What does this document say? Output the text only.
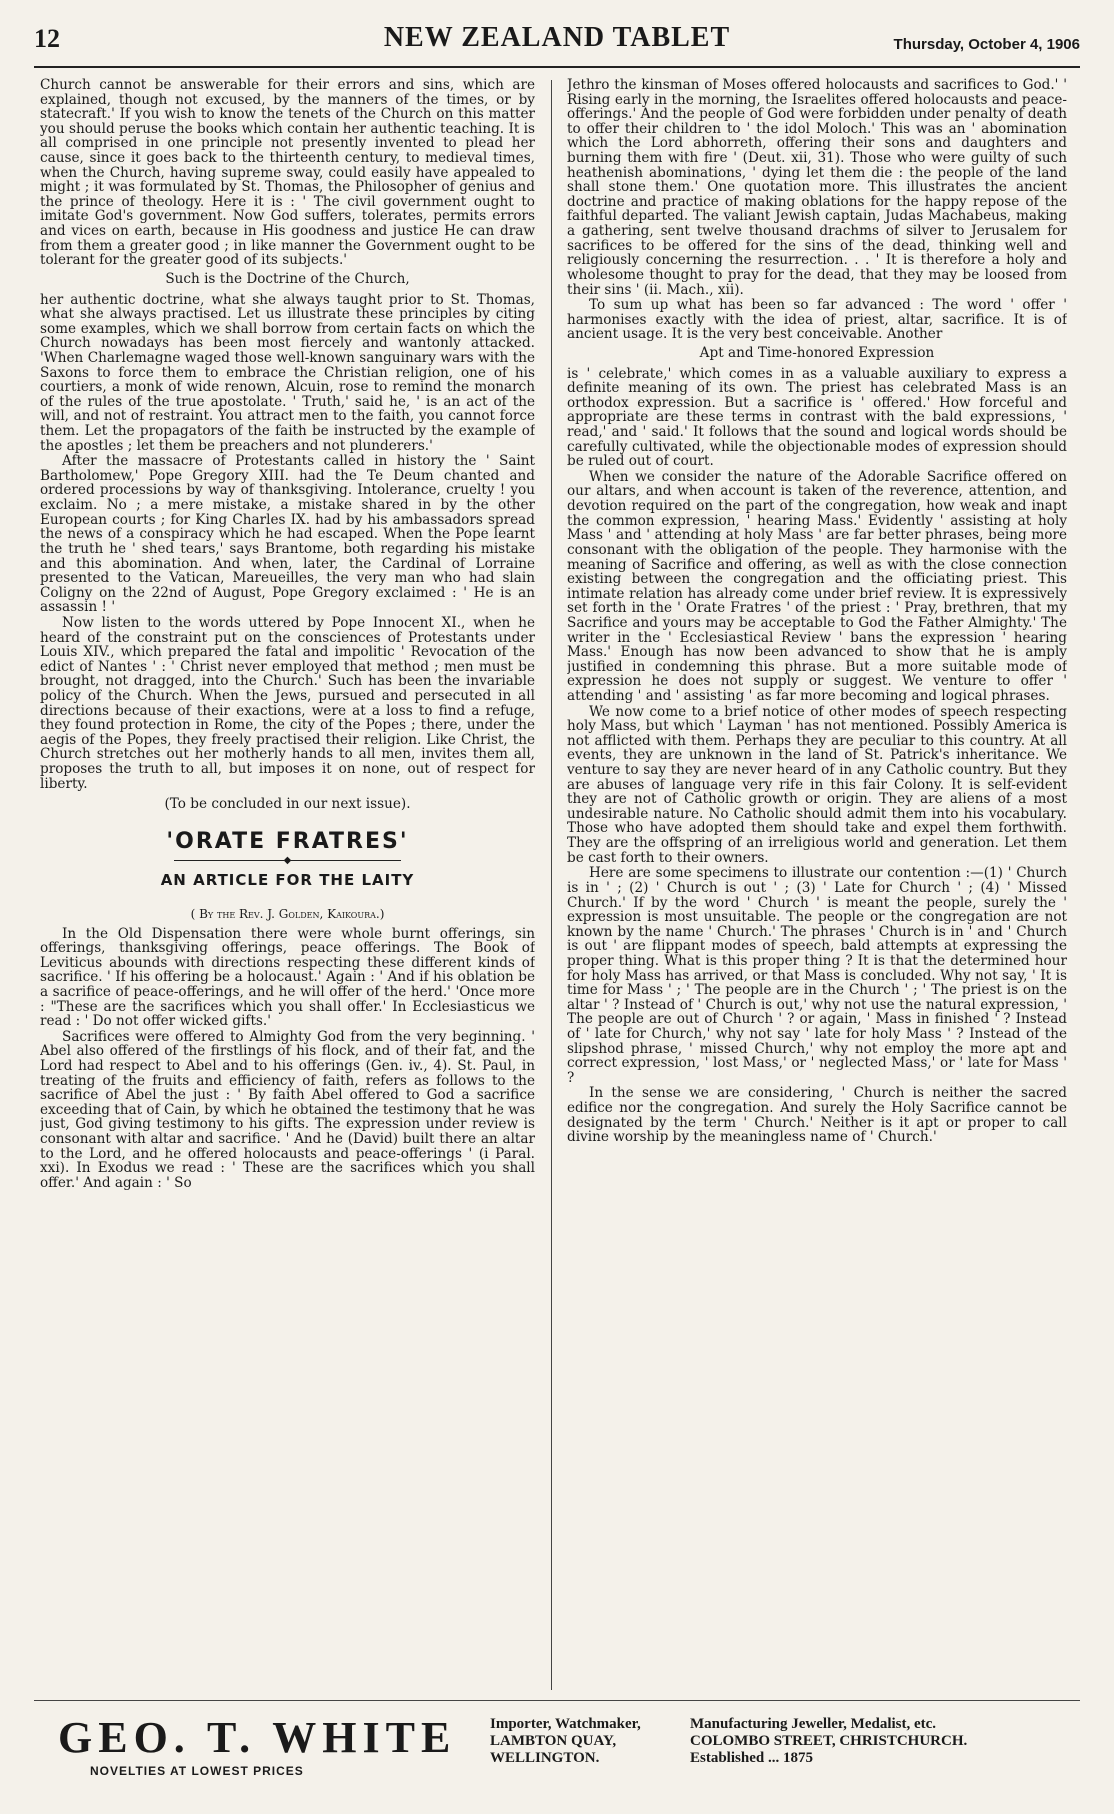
12	NEW ZEALAND TABLET	Thursday, October 4, 1906

Church cannot be answerable for their errors and sins, which are explained, though not excused, by the manners of the times, or by statecraft.' If you wish to know the tenets of the Church on this matter you should peruse the books which contain her authentic teaching. It is all comprised in one principle not presently invented to plead her cause, since it goes back to the thirteenth century, to medieval times, when the Church, having supreme sway, could easily have appealed to might ; it was formulated by St. Thomas, the Philosopher of genius and the prince of theology. Here it is : ' The civil government ought to imitate God's government. Now God suffers, tolerates, permits errors and vices on earth, because in His goodness and justice He can draw from them a greater good ; in like manner the Government ought to be tolerant for the greater good of its subjects.'

Such is the Doctrine of the Church,

her authentic doctrine, what she always taught prior to St. Thomas, what she always practised. Let us illustrate these principles by citing some examples, which we shall borrow from certain facts on which the Church nowadays has been most fiercely and wantonly attacked. 'When Charlemagne waged those well-known sanguinary wars with the Saxons to force them to embrace the Christian religion, one of his courtiers, a monk of wide renown, Alcuin, rose to remind the monarch of the rules of the true apostolate. ' Truth,' said he, ' is an act of the will, and not of restraint. You attract men to the faith, you cannot force them. Let the propagators of the faith be instructed by the example of the apostles ; let them be preachers and not plunderers.'

After the massacre of Protestants called in history the ' Saint Bartholomew,' Pope Gregory XIII. had the Te Deum chanted and ordered processions by way of thanksgiving. Intolerance, cruelty ! you exclaim. No ; a mere mistake, a mistake shared in by the other European courts ; for King Charles IX. had by his ambassadors spread the news of a conspiracy which he had escaped. When the Pope learnt the truth he ' shed tears,' says Brantome, both regarding his mistake and this abomination. And when, later, the Cardinal of Lorraine presented to the Vatican, Mareueilles, the very man who had slain Coligny on the 22nd of August, Pope Gregory exclaimed : ' He is an assassin ! '

Now listen to the words uttered by Pope Innocent XI., when he heard of the constraint put on the consciences of Protestants under Louis XIV., which prepared the fatal and impolitic ' Revocation of the edict of Nantes ' : ' Christ never employed that method ; men must be brought, not dragged, into the Church.' Such has been the invariable policy of the Church. When the Jews, pursued and persecuted in all directions because of their exactions, were at a loss to find a refuge, they found protection in Rome, the city of the Popes ; there, under the aegis of the Popes, they freely practised their religion. Like Christ, the Church stretches out her motherly hands to all men, invites them all, proposes the truth to all, but imposes it on none, out of respect for liberty.

(To be concluded in our next issue).
'ORATE FRATRES'
◆
AN ARTICLE FOR THE LAITY
( By the Rev. J. Golden, Kaikoura.)

In the Old Dispensation there were whole burnt offerings, sin offerings, thanksgiving offerings, peace offerings. The Book of Leviticus abounds with directions respecting these different kinds of sacrifice. ' If his offering be a holocaust.' Again : ' And if his oblation be a sacrifice of peace-offerings, and he will offer of the herd.' 'Once more : "These are the sacrifices which you shall offer.' In Ecclesiasticus we read : ' Do not offer wicked gifts.'

Sacrifices were offered to Almighty God from the very beginning. ' Abel also offered of the firstlings of his flock, and of their fat, and the Lord had respect to Abel and to his offerings (Gen. iv., 4). St. Paul, in treating of the fruits and efficiency of faith, refers as follows to the sacrifice of Abel the just : ' By faith Abel offered to God a sacrifice exceeding that of Cain, by which he obtained the testimony that he was just, God giving testimony to his gifts. The expression under review is consonant with altar and sacrifice. ' And he (David) built there an altar to the Lord, and he offered holocausts and peace-offerings ' (i Paral. xxi). In Exodus we read : ' These are the sacrifices which you shall offer.' And again : ' So

Jethro the kinsman of Moses offered holocausts and sacrifices to God.' ' Rising early in the morning, the Israelites offered holocausts and peace-offerings.' And the people of God were forbidden under penalty of death to offer their children to ' the idol Moloch.' This was an ' abomination which the Lord abhorreth, offering their sons and daughters and burning them with fire ' (Deut. xii, 31). Those who were guilty of such heathenish abominations, ' dying let them die : the people of the land shall stone them.' One quotation more. This illustrates the ancient doctrine and practice of making oblations for the happy repose of the faithful departed. The valiant Jewish captain, Judas Machabeus, making a gathering, sent twelve thousand drachms of silver to Jerusalem for sacrifices to be offered for the sins of the dead, thinking well and religiously concerning the resurrection. . . ' It is therefore a holy and wholesome thought to pray for the dead, that they may be loosed from their sins ' (ii. Mach., xii).

To sum up what has been so far advanced : The word ' offer ' harmonises exactly with the idea of priest, altar, sacrifice. It is of ancient usage. It is the very best conceivable. Another

Apt and Time-honored Expression

is ' celebrate,' which comes in as a valuable auxiliary to express a definite meaning of its own. The priest has celebrated Mass is an orthodox expression. But a sacrifice is ' offered.' How forceful and appropriate are these terms in contrast with the bald expressions, ' read,' and ' said.' It follows that the sound and logical words should be carefully cultivated, while the objectionable modes of expression should be ruled out of court.

When we consider the nature of the Adorable Sacrifice offered on our altars, and when account is taken of the reverence, attention, and devotion required on the part of the congregation, how weak and inapt the common expression, ' hearing Mass.' Evidently ' assisting at holy Mass ' and ' attending at holy Mass ' are far better phrases, being more consonant with the obligation of the people. They harmonise with the meaning of Sacrifice and offering, as well as with the close connection existing between the congregation and the officiating priest. This intimate relation has already come under brief review. It is expressively set forth in the ' Orate Fratres ' of the priest : ' Pray, brethren, that my Sacrifice and yours may be acceptable to God the Father Almighty.' The writer in the ' Ecclesiastical Review ' bans the expression ' hearing Mass.' Enough has now been advanced to show that he is amply justified in condemning this phrase. But a more suitable mode of expression he does not supply or suggest. We venture to offer ' attending ' and ' assisting ' as far more becoming and logical phrases.

We now come to a brief notice of other modes of speech respecting holy Mass, but which ' Layman ' has not mentioned. Possibly America is not afflicted with them. Perhaps they are peculiar to this country. At all events, they are unknown in the land of St. Patrick's inheritance. We venture to say they are never heard of in any Catholic country. But they are abuses of language very rife in this fair Colony. It is self-evident they are not of Catholic growth or origin. They are aliens of a most undesirable nature. No Catholic should admit them into his vocabulary. Those who have adopted them should take and expel them forthwith. They are the offspring of an irreligious world and generation. Let them be cast forth to their owners.

Here are some specimens to illustrate our contention :—(1) ' Church is in ' ; (2) ' Church is out ' ; (3) ' Late for Church ' ; (4) ' Missed Church.' If by the word ' Church ' is meant the people, surely the ' expression is most unsuitable. The people or the congregation are not known by the name ' Church.' The phrases ' Church is in ' and ' Church is out ' are flippant modes of speech, bald attempts at expressing the proper thing. What is this proper thing ? It is that the determined hour for holy Mass has arrived, or that Mass is concluded. Why not say, ' It is time for Mass ' ; ' The people are in the Church ' ; ' The priest is on the altar ' ? Instead of ' Church is out,' why not use the natural expression, ' The people are out of Church ' ? or again, ' Mass in finished ' ? Instead of ' late for Church,' why not say ' late for holy Mass ' ? Instead of the slipshod phrase, ' missed Church,' why not employ the more apt and correct expression, ' lost Mass,' or ' neglected Mass,' or ' late for Mass ' ?

In the sense we are considering, ' Church is neither the sacred edifice nor the congregation. And surely the Holy Sacrifice cannot be designated by the term ' Church.' Neither is it apt or proper to call divine worship by the meaningless name of ' Church.'

GEO. T. WHITE
NOVELTIES AT LOWEST PRICES
Importer, Watchmaker,	Manufacturing Jeweller, Medalist, etc.
LAMBTON QUAY,	COLOMBO STREET, CHRISTCHURCH.
WELLINGTON.	Established ... 1875
